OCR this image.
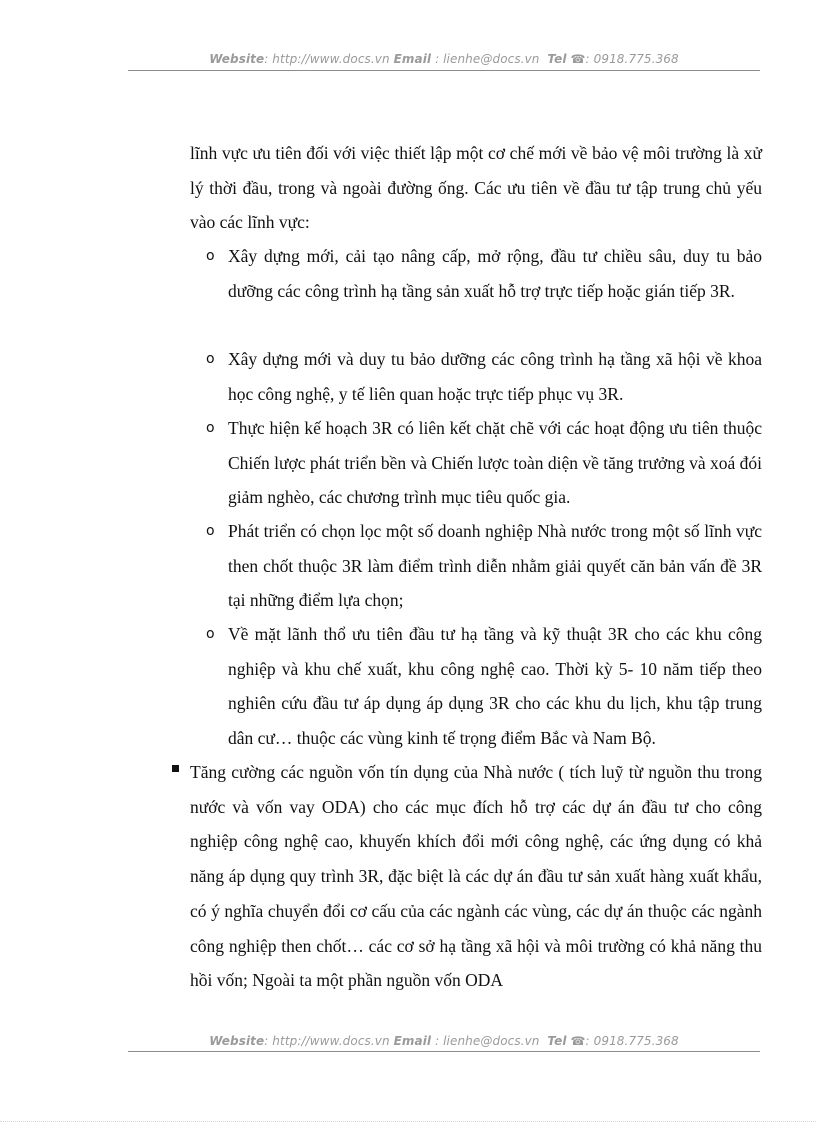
Website: http://www.docs.vn Email : lienhe@docs.vn Tel ☎: 0918.775.368
lĩnh vực ưu tiên đối với việc thiết lập một cơ chế mới về bảo vệ môi trường là xử lý thời đầu, trong và ngoài đường ống. Các ưu tiên về đầu tư tập trung chủ yếu vào các lĩnh vực:
o Xây dựng mới, cải tạo nâng cấp, mở rộng, đầu tư chiều sâu, duy tu bảo dưỡng các công trình hạ tầng sản xuất hỗ trợ trực tiếp hoặc gián tiếp 3R.
o Xây dựng mới và duy tu bảo dưỡng các công trình hạ tầng xã hội về khoa học công nghệ, y tế liên quan hoặc trực tiếp phục vụ 3R.
o Thực hiện kế hoạch 3R có liên kết chặt chẽ với các hoạt động ưu tiên thuộc Chiến lược phát triển bền và Chiến lược toàn diện về tăng trưởng và xoá đói giảm nghèo, các chương trình mục tiêu quốc gia.
o Phát triển có chọn lọc một số doanh nghiệp Nhà nước trong một số lĩnh vực then chốt thuộc 3R làm điểm trình diễn nhằm giải quyết căn bản vấn đề 3R tại những điểm lựa chọn;
o Về mặt lãnh thổ ưu tiên đầu tư hạ tầng và kỹ thuật 3R cho các khu công nghiệp và khu chế xuất, khu công nghệ cao. Thời kỳ 5- 10 năm tiếp theo nghiên cứu đầu tư áp dụng áp dụng 3R cho các khu du lịch, khu tập trung dân cư… thuộc các vùng kinh tế trọng điểm Bắc và Nam Bộ.
Tăng cường các nguồn vốn tín dụng của Nhà nước ( tích luỹ từ nguồn thu trong nước và vốn vay ODA) cho các mục đích hỗ trợ các dự án đầu tư cho công nghiệp công nghệ cao, khuyến khích đổi mới công nghệ, các ứng dụng có khả năng áp dụng quy trình 3R, đặc biệt là các dự án đầu tư sản xuất hàng xuất khẩu, có ý nghĩa chuyển đổi cơ cấu của các ngành các vùng, các dự án thuộc các ngành công nghiệp then chốt… các cơ sở hạ tầng xã hội và môi trường có khả năng thu hồi vốn; Ngoài ta một phần nguồn vốn ODA
Website: http://www.docs.vn Email : lienhe@docs.vn Tel ☎: 0918.775.368
